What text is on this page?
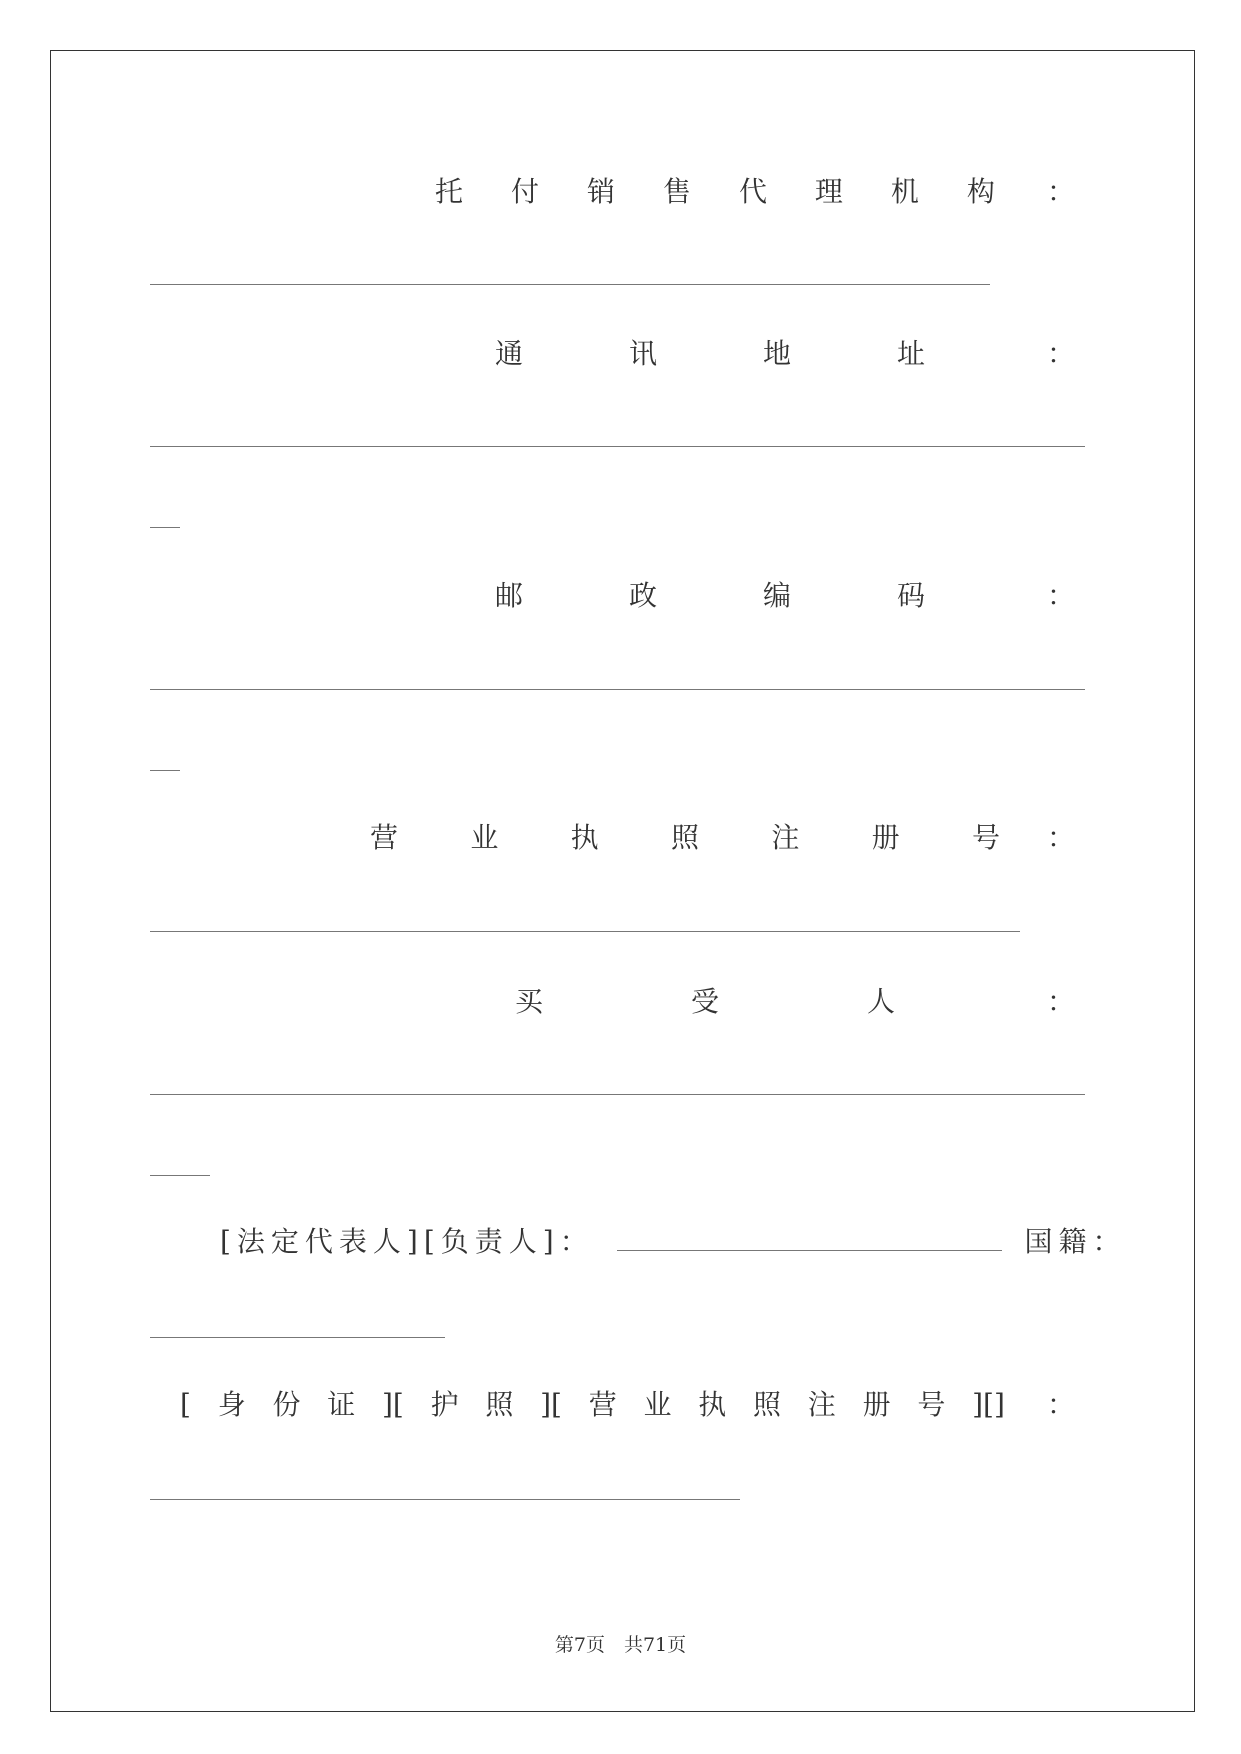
托 付 销 售 代 理 机 构 ：
通	讯	地	址	：
邮	政	编	码	：
营	业	执	照	注	册	号 ：
买	受	人	：
[法定代表人][负责人]：	国籍：
[ 身 份 证 ][ 护 照 ][ 营 业 执 照 注 册 号 ][] ：
第7页　共71页
